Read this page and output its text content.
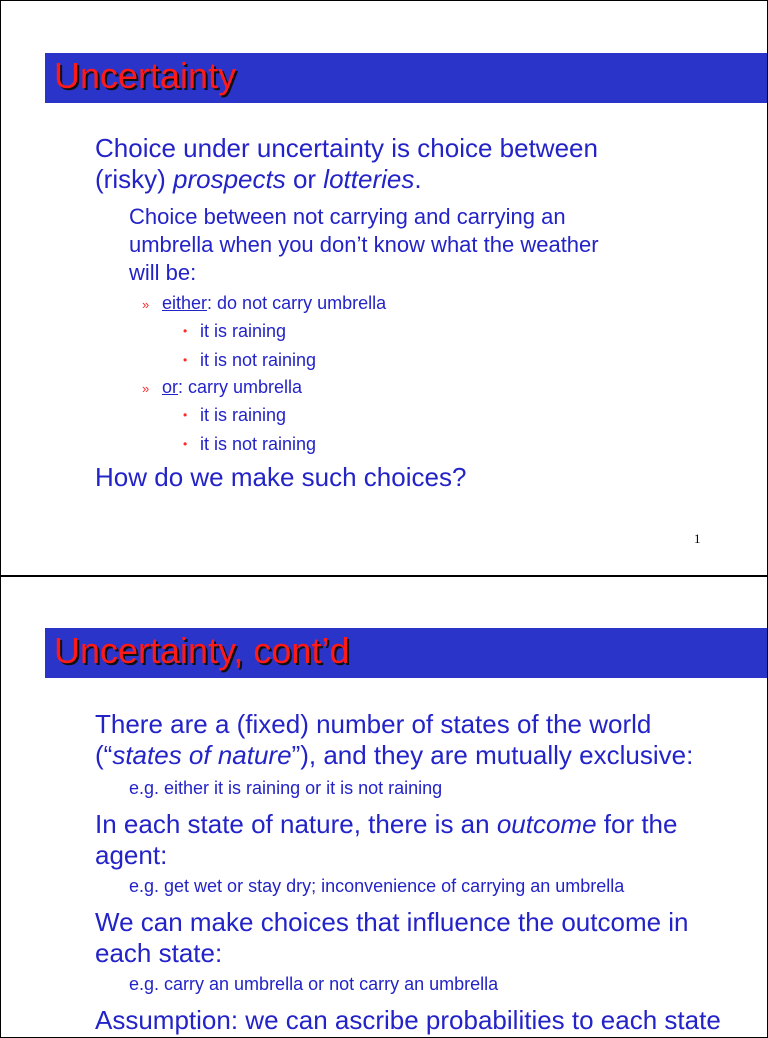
Uncertainty
Choice under uncertainty is choice between
(risky) prospects or lotteries.
Choice between not carrying and carrying an
umbrella when you don’t know what the weather
will be:
» either: do not carry umbrella
• it is raining
• it is not raining
» or: carry umbrella
• it is raining
• it is not raining
How do we make such choices?
1
Uncertainty, cont’d
There are a (fixed) number of states of the world
(“states of nature”), and they are mutually exclusive:
e.g. either it is raining or it is not raining
In each state of nature, there is an outcome for the
agent:
e.g. get wet or stay dry; inconvenience of carrying an umbrella
We can make choices that influence the outcome in
each state:
e.g. carry an umbrella or not carry an umbrella
Assumption: we can ascribe probabilities to each state
